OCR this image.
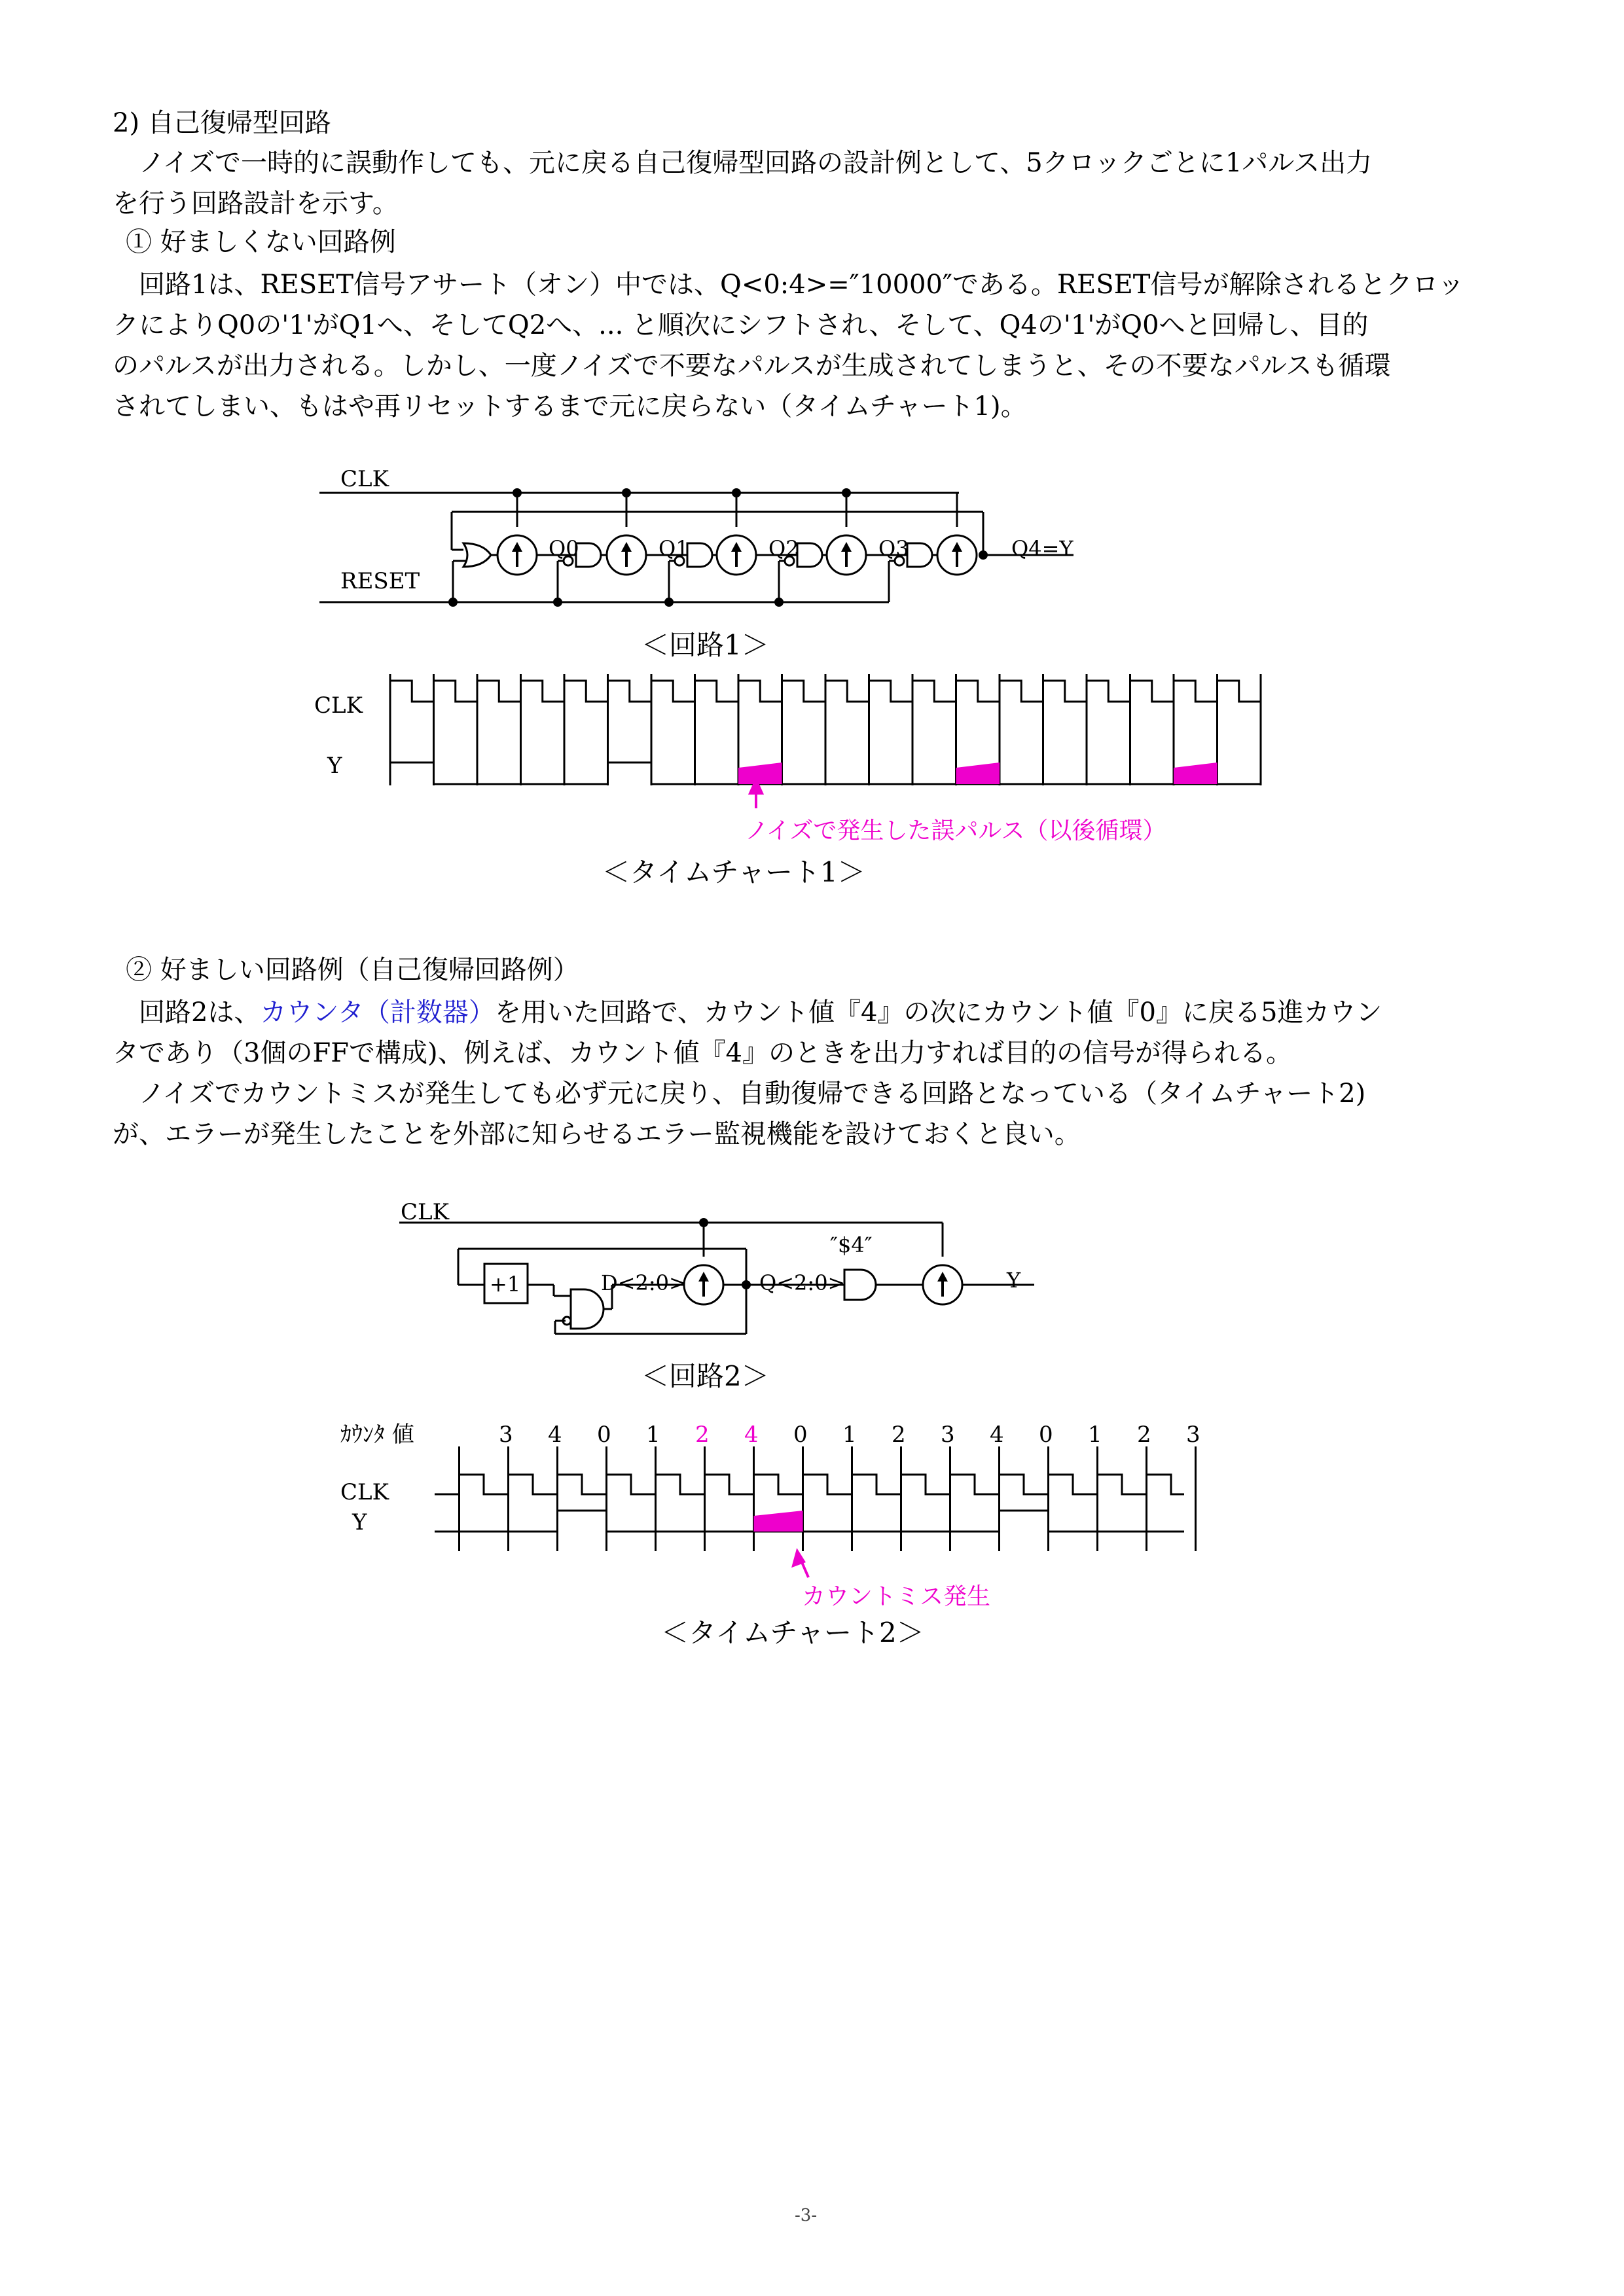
2) 自己復帰型回路
ノイズで一時的に誤動作しても、元に戻る自己復帰型回路の設計例として、5クロックごとに1パルス出力
を行う回路設計を示す。
① 好ましくない回路例
回路1は、RESET信号アサート（オン）中では、Q<0:4>=″10000″である。RESET信号が解除されるとクロッ
クによりQ0の'1'がQ1へ、そしてQ2へ、... と順次にシフトされ、そして、Q4の'1'がQ0へと回帰し、目的
のパルスが出力される。しかし、一度ノイズで不要なパルスが生成されてしまうと、その不要なパルスも循環
されてしまい、もはや再リセットするまで元に戻らない（タイムチャート1)。
② 好ましい回路例（自己復帰回路例）
回路2は、カウンタ（計数器）を用いた回路で、カウント値『4』の次にカウント値『0』に戻る5進カウン
タであり（3個のFFで構成)、例えば、カウント値『4』のときを出力すれば目的の信号が得られる。
　ノイズでカウントミスが発生しても必ず元に戻り、自動復帰できる回路となっている（タイムチャート2)
が、エラーが発生したことを外部に知らせるエラー監視機能を設けておくと良い。
CLK
RESET
Q0	Q1	Q2	Q3	Q4=Y
＜回路1＞
CLK
Y
ノイズで発生した誤パルス（以後循環）
＜タイムチャート1＞
CLK
+1	D<2:0>	Q<2:0>
″$4″
Y
＜回路2＞
ｶｳﾝﾀ 値	3 4 0 1 2 4 0 1 2 3 4 0 1 2 3
CLK
Y
カウントミス発生
＜タイムチャート2＞
-3-
